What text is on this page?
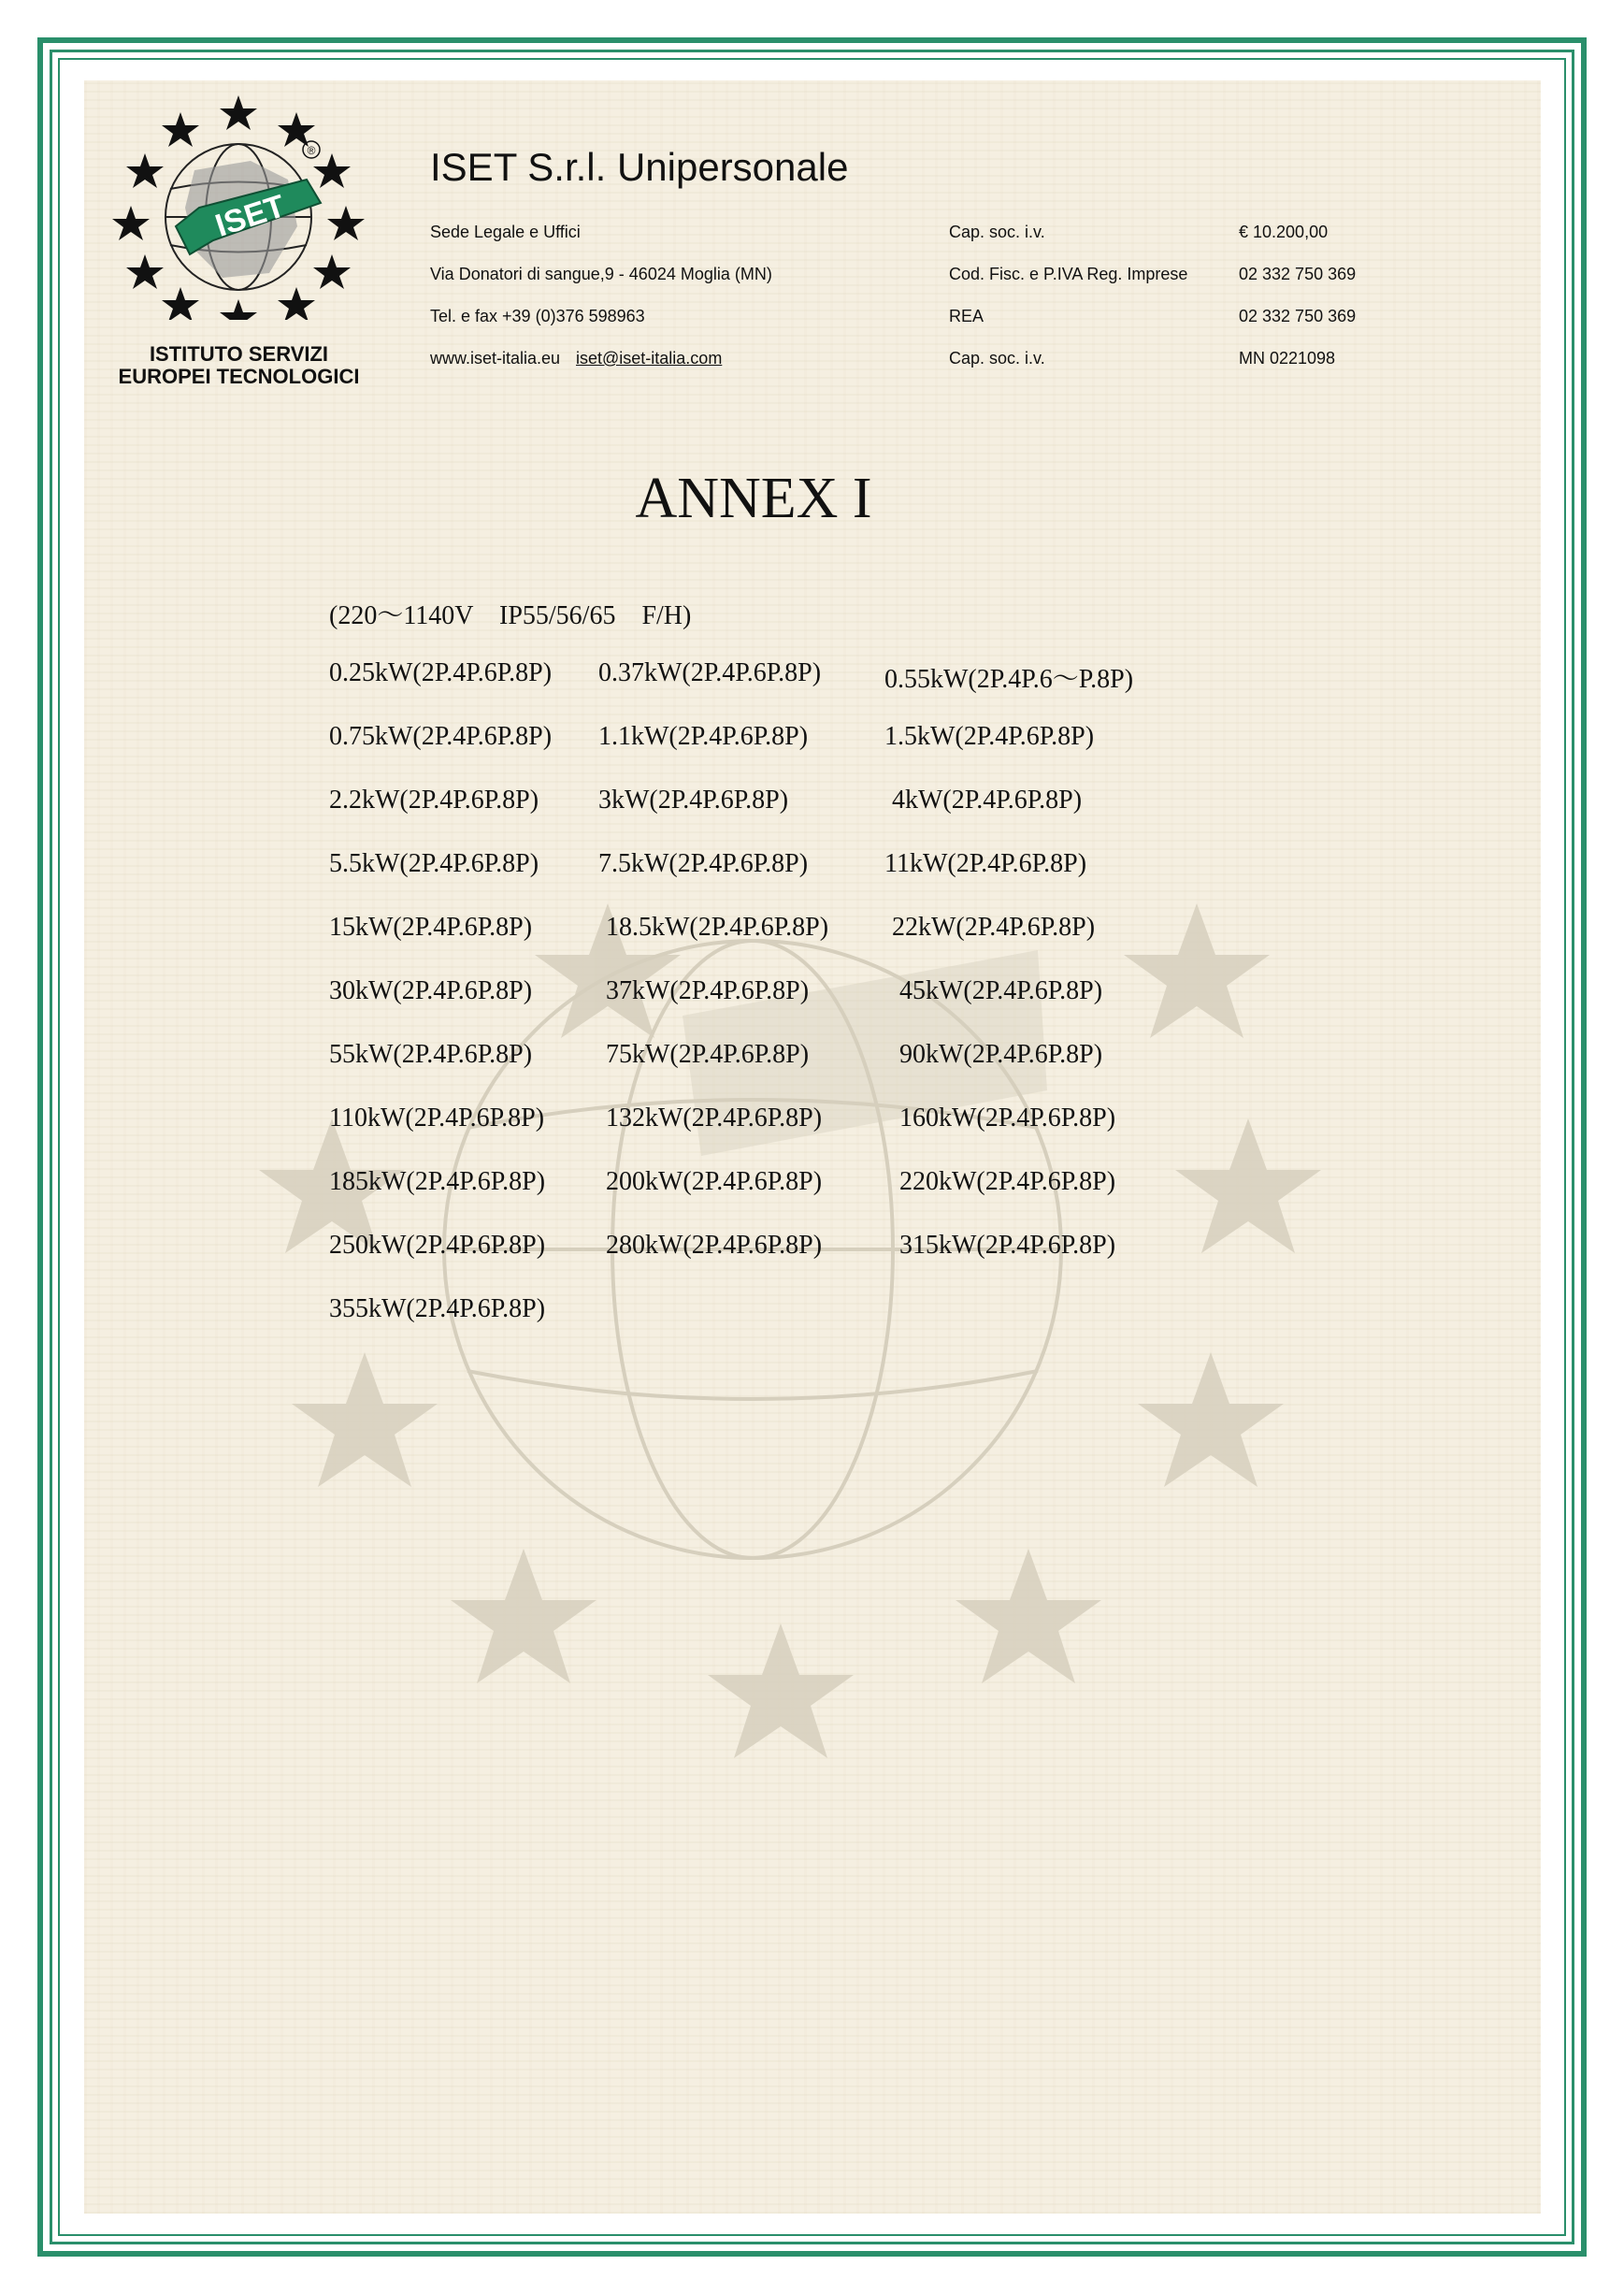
ISET
®
ISTITUTO SERVIZI
EUROPEI TECNOLOGICI
ISET S.r.l. Unipersonale
Sede Legale e Uffici	Cap. soc. i.v.	€ 10.200,00
Via Donatori di sangue,9 - 46024 Moglia (MN)	Cod. Fisc. e P.IVA Reg. Imprese	02 332 750 369
Tel. e fax +39 (0)376 598963	REA	02 332 750 369
www.iset-italia.eu iset@iset-italia.com	Cap. soc. i.v.	MN 0221098
ANNEX I
(220～1140V    IP55/56/65    F/H)
0.25kW(2P.4P.6P.8P) 0.37kW(2P.4P.6P.8P) 0.55kW(2P.4P.6～P.8P)
0.75kW(2P.4P.6P.8P) 1.1kW(2P.4P.6P.8P)	1.5kW(2P.4P.6P.8P)
2.2kW(2P.4P.6P.8P) 3kW(2P.4P.6P.8P)	4kW(2P.4P.6P.8P)
5.5kW(2P.4P.6P.8P) 7.5kW(2P.4P.6P.8P)	11kW(2P.4P.6P.8P)
15kW(2P.4P.6P.8P)	18.5kW(2P.4P.6P.8P) 22kW(2P.4P.6P.8P)
30kW(2P.4P.6P.8P)	37kW(2P.4P.6P.8P)	45kW(2P.4P.6P.8P)
55kW(2P.4P.6P.8P)	75kW(2P.4P.6P.8P)	90kW(2P.4P.6P.8P)
110kW(2P.4P.6P.8P) 132kW(2P.4P.6P.8P)	160kW(2P.4P.6P.8P)
185kW(2P.4P.6P.8P) 200kW(2P.4P.6P.8P)	220kW(2P.4P.6P.8P)
250kW(2P.4P.6P.8P) 280kW(2P.4P.6P.8P)	315kW(2P.4P.6P.8P)
355kW(2P.4P.6P.8P)
